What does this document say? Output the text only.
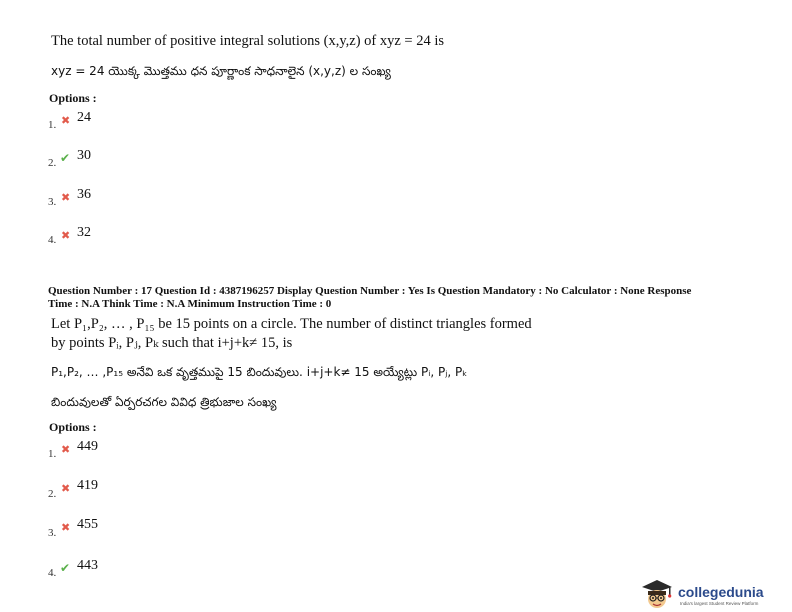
The total number of positive integral solutions (x,y,z) of xyz = 24 is
xyz = 24 యొక్క మొత్తము ధన పూర్ణాంక సాధనాలైన (x,y,z) ల సంఖ్య
Options :
1. ✖ 24
2. ✔ 30
3. ✖ 36
4. ✖ 32
Question Number : 17 Question Id : 4387196257 Display Question Number : Yes Is Question Mandatory : No Calculator : None Response
Time : N.A Think Time : N.A Minimum Instruction Time : 0
Let P₁,P₂, … , P₁₅ be 15 points on a circle. The number of distinct triangles formed
by points Pᵢ, Pⱼ, Pₖ such that i+j+k≠ 15, is
P₁,P₂, … ,P₁₅ అనేవి ఒక వృత్తముపై 15 బిందువులు. i+j+k≠ 15 అయ్యేట్లు Pᵢ, Pⱼ, Pₖ
బిందువులతో ఏర్పరచగల వివిధ త్రిభుజాల సంఖ్య
Options :
1. ✖ 449
2. ✖ 419
3. ✖ 455
4. ✔ 443
collegedunia
India's largest Student Review Platform
